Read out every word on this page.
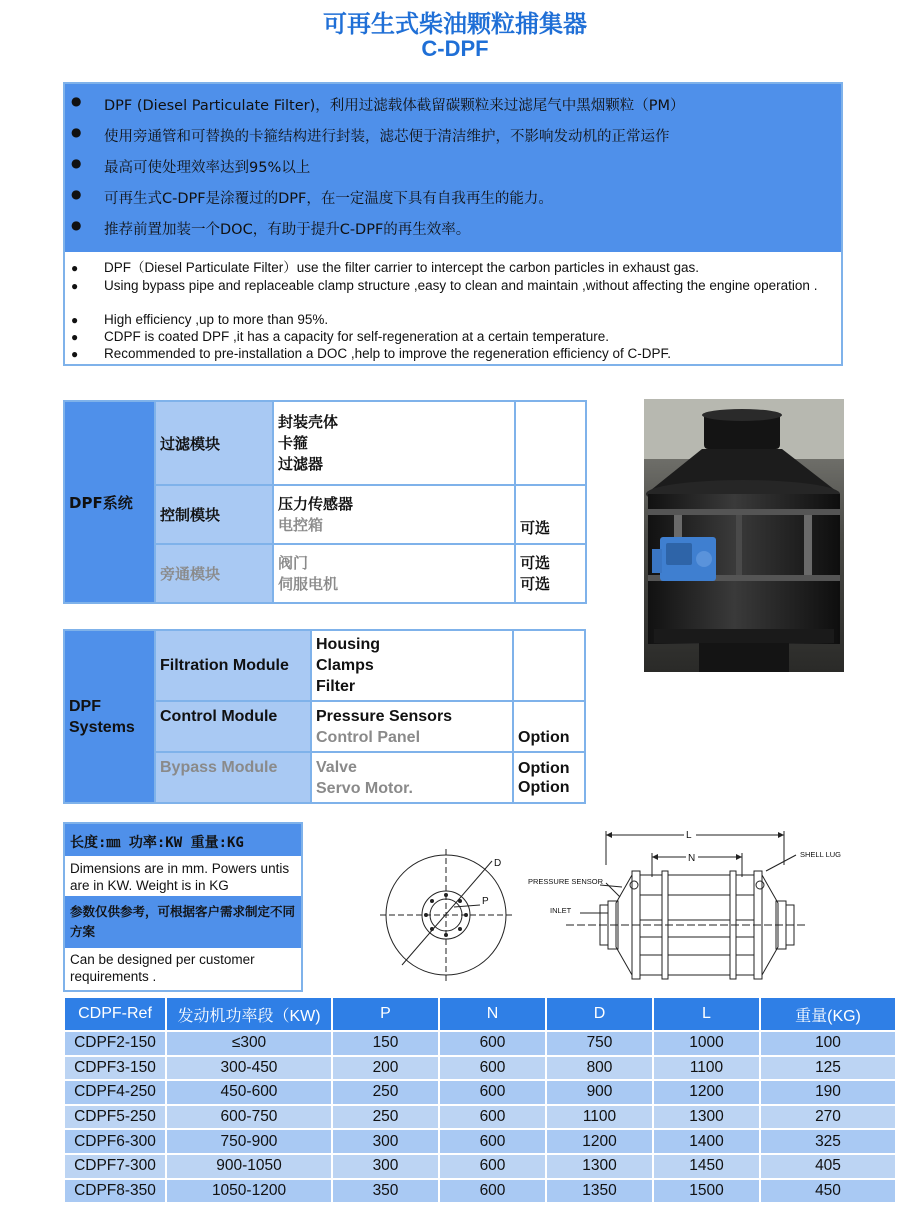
可再生式柴油颗粒捕集器
C-DPF
● DPF (Diesel Particulate Filter)，利用过滤载体截留碳颗粒来过滤尾气中黑烟颗粒（PM）
● 使用旁通管和可替换的卡箍结构进行封装，滤芯便于清洁维护，不影响发动机的正常运作
● 最高可使处理效率达到95%以上
● 可再生式C-DPF是涂覆过的DPF，在一定温度下具有自我再生的能力。
● 推荐前置加装一个DOC，有助于提升C-DPF的再生效率。
● DPF（Diesel Particulate Filter）use the filter carrier to intercept the carbon particles in exhaust gas.
● Using bypass pipe and replaceable clamp structure ,easy to clean and maintain ,without affecting the engine operation .
● High efficiency ,up to more than 95%.
● CDPF is coated DPF ,it has a capacity for self-regeneration at a certain temperature.
● Recommended to pre-installation a DOC ,help to improve the regeneration efficiency of C-DPF.
DPF系统	过滤模块	封装壳体
卡箍
过滤器	

	控制模块	压力传感器
电控箱	可选
	旁通模块	阀门
伺服电机	可选
可选
DPF
Systems	Filtration Module	Housing
Clamps
Filter	

	Control Module	Pressure Sensors
Control Panel	Option
	Bypass Module	Valve
Servo Motor.	Option
Option
长度:㎜ 功率:KW 重量:KG
Dimensions are in mm. Powers untis are in KW. Weight is in KG
参数仅供参考，可根据客户需求制定不同方案
Can be designed per customer requirements .
D
P
L
N
PRESSURE SENSOR
INLET
SHELL LUG
CDPF-Ref	发动机功率段（KW)	P	N	D	L	重量(KG)
CDPF2-150	≤300	150	600	750	1000	100
CDPF3-150	300-450	200	600	800	1100	125
CDPF4-250	450-600	250	600	900	1200	190
CDPF5-250	600-750	250	600	1100	1300	270
CDPF6-300	750-900	300	600	1200	1400	325
CDPF7-300	900-1050	300	600	1300	1450	405
CDPF8-350	1050-1200	350	600	1350	1500	450
